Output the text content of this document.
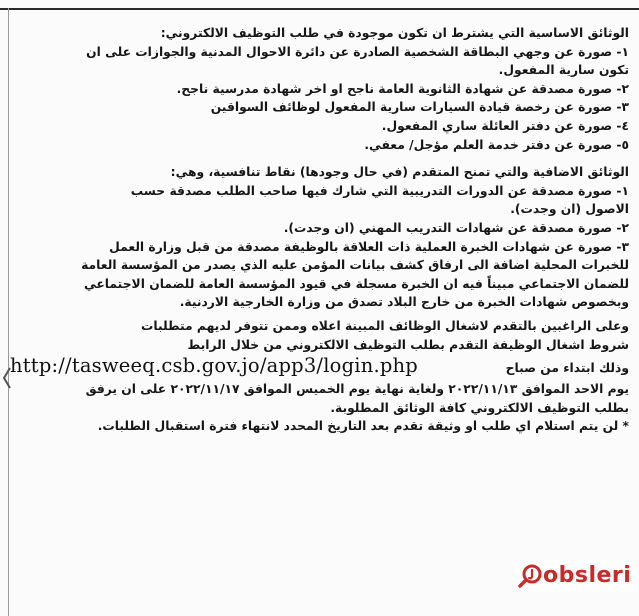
الوثائق الاساسية التي يشترط ان تكون موجودة في طلب التوظيف الالكتروني:
١- صورة عن وجهي البطاقة الشخصية الصادرة عن دائرة الاحوال المدنية والجوازات على ان
تكون سارية المفعول.
٢- صورة مصدقة عن شهادة الثانوية العامة ناجح او اخر شهادة مدرسية ناجح.
٣- صورة عن رخصة قيادة السيارات سارية المفعول لوظائف السواقين
٤- صورة عن دفتر العائلة ساري المفعول.
٥- صورة عن دفتر خدمة العلم مؤجل/ معفي.
الوثائق الاضافية والتي تمنح المتقدم (في حال وجودها) نقاط تنافسية، وهي:
١- صورة مصدقة عن الدورات التدريبية التي شارك فيها صاحب الطلب مصدقة حسب
الاصول (ان وجدت).
٢- صورة مصدقة عن شهادات التدريب المهني (ان وجدت).
٣- صورة عن شهادات الخبرة العملية ذات العلاقة بالوظيفة مصدقة من قبل وزارة العمل
للخبرات المحلية اضافة الى ارفاق كشف بيانات المؤمن عليه الذي يصدر من المؤسسة العامة
للضمان الاجتماعي مبيناً فيه ان الخبرة مسجلة في قيود المؤسسة العامة للضمان الاجتماعي
وبخصوص شهادات الخبرة من خارج البلاد تصدق من وزارة الخارجية الاردنية.
وعلى الراغبين بالتقدم لاشغال الوظائف المبينة اعلاه وممن تتوفر لديهم متطلبات
شروط اشغال الوظيفة التقدم بطلب التوظيف الالكتروني من خلال الرابط
http://tasweeq.csb.gov.jo/app3/login.php	وذلك ابتداء من صباح
يوم الاحد الموافق ٢٠٢٢/١١/١٣ ولغاية نهاية يوم الخميس الموافق ٢٠٢٢/١١/١٧ على ان يرفق
بطلب التوظيف الالكتروني كافة الوثائق المطلوبة.
* لن يتم استلام اي طلب او وثيقة تقدم بعد التاريخ المحدد لانتهاء فترة استقبال الطلبات.
obsleri
